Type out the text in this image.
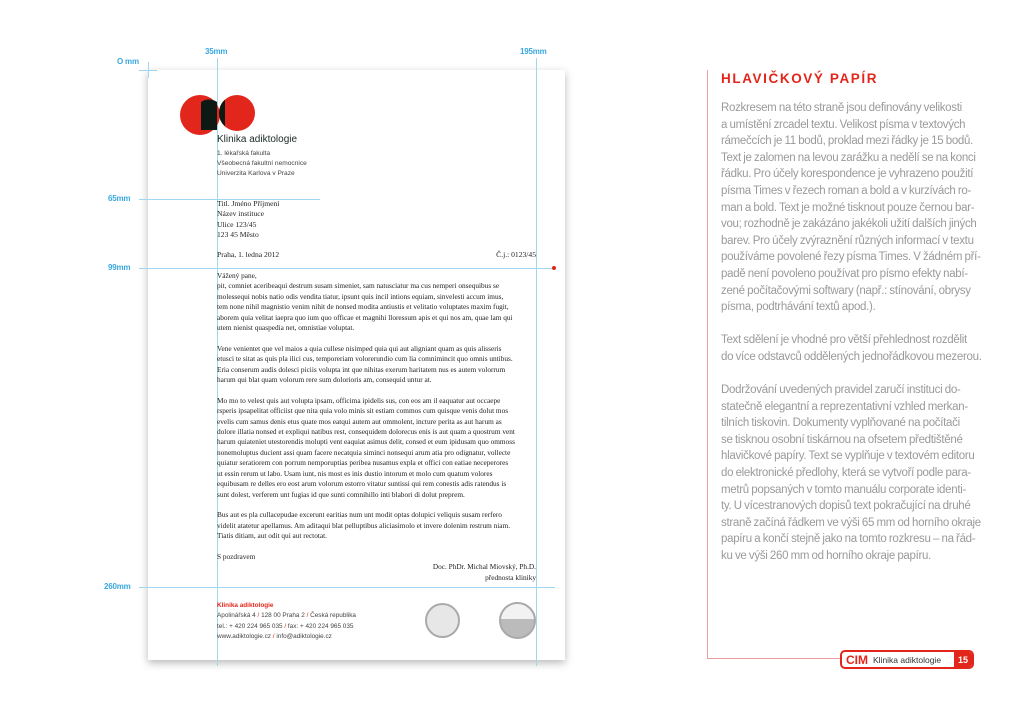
O mm
35mm	195mm
65mm
99mm
260mm
Klinika adiktologie
1. lékařská fakulta
Všeobecná fakultní nemocnice
Univerzita Karlova v Praze
Titl. Jméno Příjmení
Název instituce
Ulice 123/45
123 45 Město
Praha, 1. ledna 2012	Č.j.: 0123/45
Vážený pane,
pit, comniet aceribeaqui destrum susam simeniet, sam natusciatur ma cus nemperi onsequibus se
molessequi nobis natio odis vendita tiatur, ipsunt quis incil intions equiam, sinvelesti accum imus,
tem none nihil magnistio venim nihit de nonsed modita antiustis et velitatio voluptates maxim fugit,
aborem quia velitat iaepra quo ium quo officae et magnihi lloressum apis et qui nos am, quae lam qui
utem nienist quaspedia net, omnistiae voluptat.
Vene venientet que vel maios a quia cullese nisimped quia qui aut aligniant quam as quis alisseris
etusci te sitat as quis pla ilici cus, temporeriam volorerundio cum lia comnimincit quo omnis untibus.
Eria conserum audis dolesci piciis volupta int que nihitas exerum haritatem nus es autem volorrum
harum qui blat quam volorum rere sum dolorioris am, consequid untur at.
Mo mo to velest quis aut volupta ipsam, officima ipidelis sus, con eos am il eaquatur aut occaepe
rsperis ipsapelitat officiist que nita quia volo minis sit estiam commos cum quisque venis dolut mos
evelis cum samus denis etus quate mos eatqui autem aut ommolent, incture perita as aut harum as
dolore illatia nonsed et expliqui natibus rest, consequidem dolorecus enis is aut quam a quostrum vent
harum quiateniet utestorendis molupti vent eaquiat asimus delit, consed et eum ipidusam quo ommoss
nonemoluptus ducient assi quam facere necatquia siminci nonsequi arum atia pro odignatur, vollecte
quiatur seratiorem con porrum nemporuptias peribea nusamus expla et offici con eatiae neceperores
ut essin rerum ut labo. Usam iunt, nis most es inis dustio intorum et molo cum quatum volores
equibusam re delles ero eost arum volorum estorro vitatur suntissi qui rem conestis adis ratendus is
sunt dolest, verferem unt fugias id que sunti comnihillo inti blabori di dolut preprem.
Bus aut es pla cullacepudae excerunt earitias num unt modit optas dolupici veliquis susam rerfero
videlit atatetur apellamus. Am aditaqui blat pelluptibus aliciasimolo et invere dolenim restrum niam.
Tiatis ditiam, aut odit qui aut rectotat.
S pozdravem
Doc. PhDr. Michal Miovský, Ph.D.
přednosta kliniky
Klinika adiktologie
Apolinářská 4 / 128 00 Praha 2 / Česká republika
tel.: + 420 224 965 035 / fax: + 420 224 965 035
www.adiktologie.cz / info@adiktologie.cz
HLAVIČKOVÝ PAPÍR
Rozkresem na této straně jsou definovány velikosti
a umístění zrcadel textu. Velikost písma v textových
rámečcích je 11 bodů, proklad mezi řádky je 15 bodů.
Text je zalomen na levou zarážku a nedělí se na konci
řádku. Pro účely korespondence je vyhrazeno použití
písma Times v řezech roman a bold a v kurzívách ro-
man a bold. Text je možné tisknout pouze černou bar-
vou; rozhodně je zakázáno jakékoli užití dalších jiných
barev. Pro účely zvýraznění různých informací v textu
používáme povolené řezy písma Times. V žádném pří-
padě není povoleno používat pro písmo efekty nabí-
zené počítačovými softwary (např.: stínování, obrysy
písma, podtrhávání textů apod.).
Text sdělení je vhodné pro větší přehlednost rozdělit
do více odstavců oddělených jednořádkovou mezerou.
Dodržování uvedených pravidel zaručí instituci do-
statečně elegantní a reprezentativní vzhled merkan-
tilních tiskovin. Dokumenty vyplňované na počítači
se tisknou osobní tiskárnou na ofsetem předtištěné
hlavičkové papíry. Text se vyplňuje v textovém editoru
do elektronické předlohy, která se vytvoří podle para-
metrů popsaných v tomto manuálu corporate identi-
ty. U vícestranových dopisů text pokračující na druhé
straně začíná řádkem ve výši 65 mm od horního okraje
papíru a končí stejně jako na tomto rozkresu – na řád-
ku ve výši 260 mm od horního okraje papíru.
CIM Klinika adiktologie	15
